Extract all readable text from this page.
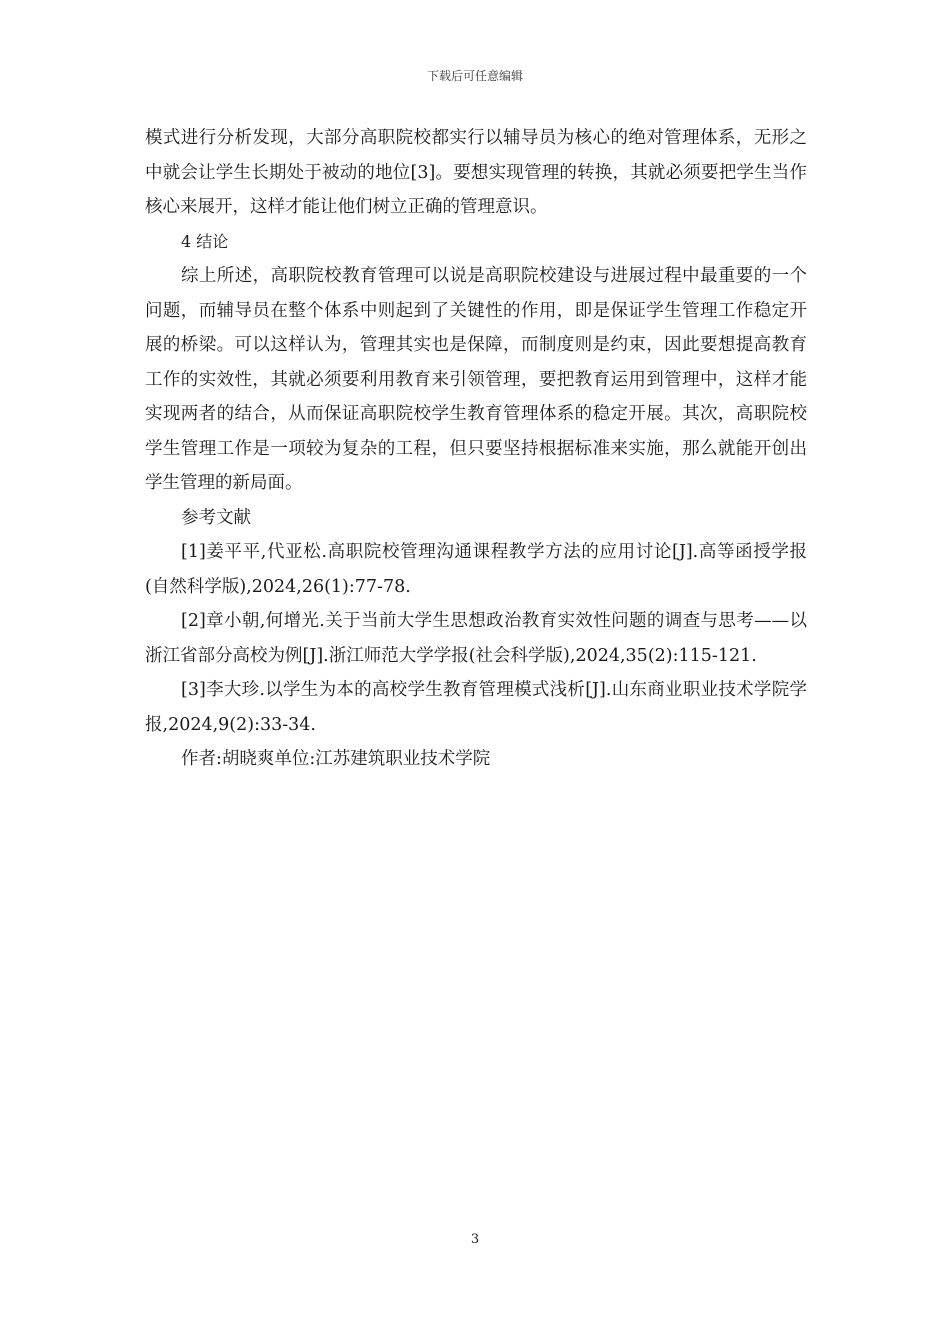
下载后可任意编辑

模式进行分析发现，大部分高职院校都实行以辅导员为核心的绝对管理体系，无形之中就会让学生长期处于被动的地位[3]。要想实现管理的转换，其就必须要把学生当作核心来展开，这样才能让他们树立正确的管理意识。

4 结论

综上所述，高职院校教育管理可以说是高职院校建设与进展过程中最重要的一个问题，而辅导员在整个体系中则起到了关键性的作用，即是保证学生管理工作稳定开展的桥梁。可以这样认为，管理其实也是保障，而制度则是约束，因此要想提高教育工作的实效性，其就必须要利用教育来引领管理，要把教育运用到管理中，这样才能实现两者的结合，从而保证高职院校学生教育管理体系的稳定开展。其次，高职院校学生管理工作是一项较为复杂的工程，但只要坚持根据标准来实施，那么就能开创出学生管理的新局面。

参考文献

[1]姜平平,代亚松.高职院校管理沟通课程教学方法的应用讨论[J].高等函授学报(自然科学版),2024,26(1):77-78.

[2]章小朝,何增光.关于当前大学生思想政治教育实效性问题的调查与思考——以浙江省部分高校为例[J].浙江师范大学学报(社会科学版),2024,35(2):115-121.

[3]李大珍.以学生为本的高校学生教育管理模式浅析[J].山东商业职业技术学院学报,2024,9(2):33-34.

作者:胡晓爽单位:江苏建筑职业技术学院

3
